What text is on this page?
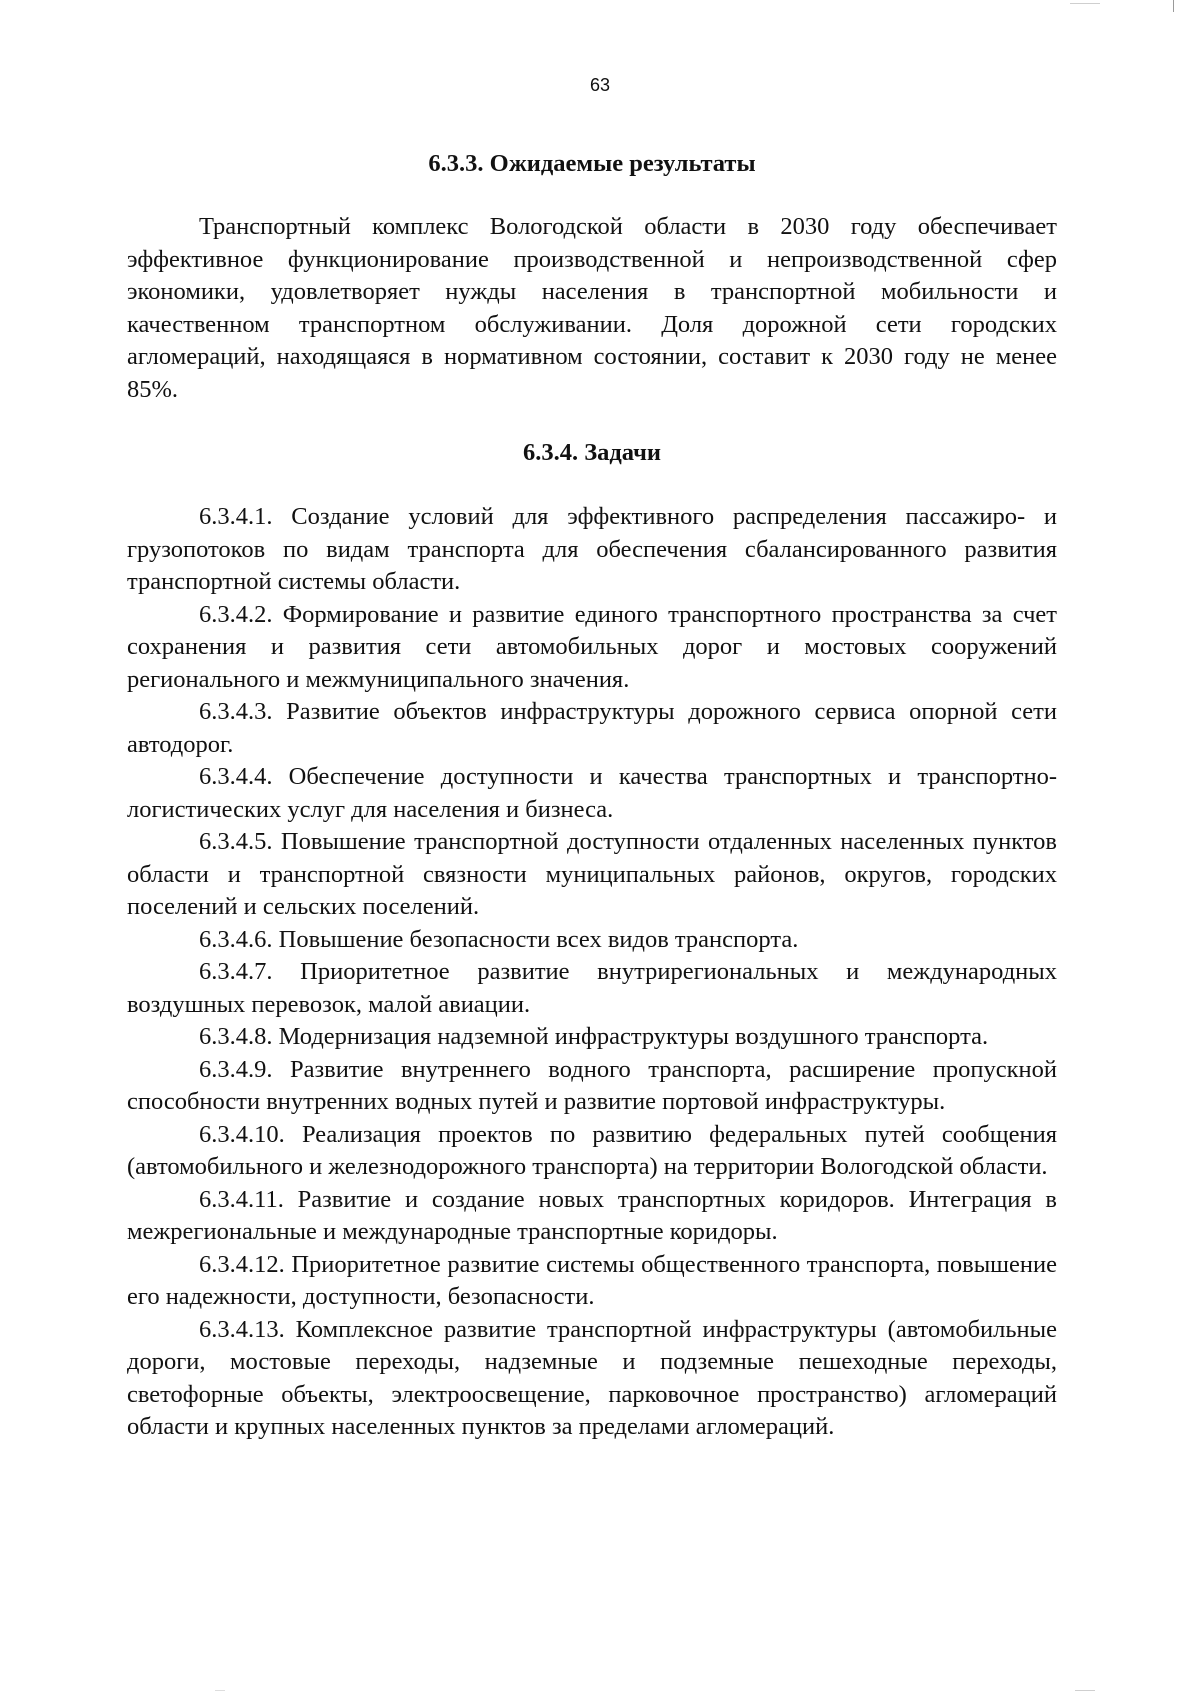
63
6.3.3. Ожидаемые результаты

Транспортный комплекс Вологодской области в 2030 году обеспечивает эффективное функционирование производственной и непроизводственной сфер экономики, удовлетворяет нужды населения в транспортной мобильности и качественном транспортном обслуживании. Доля дорожной сети городских агломераций, находящаяся в нормативном состоянии, составит к 2030 году не менее 85%.

6.3.4. Задачи

6.3.4.1. Создание условий для эффективного распределения пассажиро- и грузопотоков по видам транспорта для обеспечения сбалансированного развития транспортной системы области.

6.3.4.2. Формирование и развитие единого транспортного пространства за счет сохранения и развития сети автомобильных дорог и мостовых сооружений регионального и межмуниципального значения.

6.3.4.3. Развитие объектов инфраструктуры дорожного сервиса опорной сети автодорог.

6.3.4.4. Обеспечение доступности и качества транспортных и транспортно-логистических услуг для населения и бизнеса.

6.3.4.5. Повышение транспортной доступности отдаленных населенных пунктов области и транспортной связности муниципальных районов, округов, городских поселений и сельских поселений.

6.3.4.6. Повышение безопасности всех видов транспорта.

6.3.4.7. Приоритетное развитие внутрирегиональных и международных воздушных перевозок, малой авиации.

6.3.4.8. Модернизация надземной инфраструктуры воздушного транспорта.

6.3.4.9. Развитие внутреннего водного транспорта, расширение пропускной способности внутренних водных путей и развитие портовой инфраструктуры.

6.3.4.10. Реализация проектов по развитию федеральных путей сообщения (автомобильного и железнодорожного транспорта) на территории Вологодской области.

6.3.4.11. Развитие и создание новых транспортных коридоров. Интеграция в межрегиональные и международные транспортные коридоры.

6.3.4.12. Приоритетное развитие системы общественного транспорта, повышение его надежности, доступности, безопасности.

6.3.4.13. Комплексное развитие транспортной инфраструктуры (автомобильные дороги, мостовые переходы, надземные и подземные пешеходные переходы, светофорные объекты, электроосвещение, парковочное пространство) агломераций области и крупных населенных пунктов за пределами агломераций.
